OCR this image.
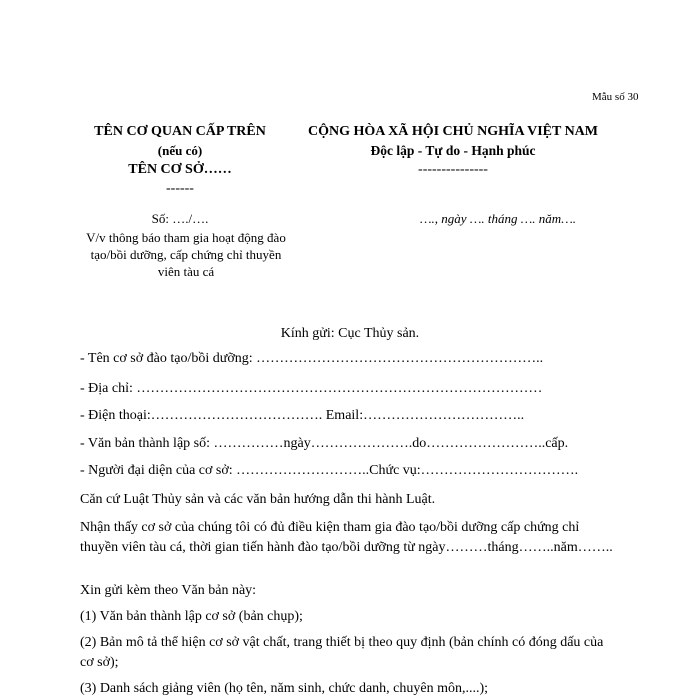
Mẫu số 30
TÊN CƠ QUAN CẤP TRÊN
(nếu có)
TÊN CƠ SỞ……
------
CỘNG HÒA XÃ HỘI CHỦ NGHĨA VIỆT NAM
Độc lập - Tự do - Hạnh phúc
---------------
Số: …./….
V/v thông báo tham gia hoạt động đào tạo/bồi dưỡng, cấp chứng chỉ thuyền viên tàu cá
…., ngày …. tháng …. năm….
Kính gửi: Cục Thủy sản.
- Tên cơ sở đào tạo/bồi dưỡng: ……………………………………………………..
- Địa chỉ: ……………………………………………………………………………
- Điện thoại:………………………………. Email:……………………………..
- Văn bản thành lập số: ……………ngày………………….do……………………..cấp.
- Người đại diện của cơ sở: ………………………..Chức vụ:…………………………….
Căn cứ Luật Thủy sản và các văn bản hướng dẫn thi hành Luật.
Nhận thấy cơ sở của chúng tôi có đủ điều kiện tham gia đào tạo/bồi dưỡng cấp chứng chỉ thuyền viên tàu cá, thời gian tiến hành đào tạo/bồi dưỡng từ ngày………tháng……..năm……..
Xin gửi kèm theo Văn bản này:
(1) Văn bản thành lập cơ sở (bản chụp);
(2) Bản mô tả thể hiện cơ sở vật chất, trang thiết bị theo quy định (bản chính có đóng dấu của cơ sở);
(3) Danh sách giảng viên (họ tên, năm sinh, chức danh, chuyên môn,....);
